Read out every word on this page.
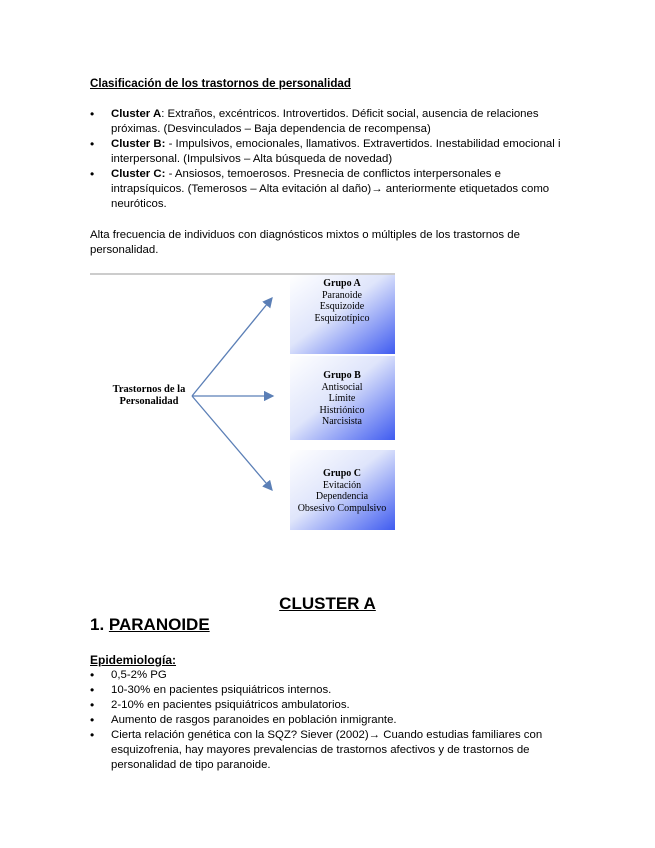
Clasificación de los trastornos de personalidad
• Cluster A: Extraños, excéntricos. Introvertidos. Déficit social, ausencia de relaciones próximas. (Desvinculados – Baja dependencia de recompensa)
• Cluster B: - Impulsivos, emocionales, llamativos. Extravertidos. Inestabilidad emocional i interpersonal. (Impulsivos – Alta búsqueda de novedad)
• Cluster C: - Ansiosos, temoerosos. Presnecia de conflictos interpersonales e intrapsíquicos. (Temerosos – Alta evitación al daño)→ anteriormente etiquetados como neuróticos.
Alta frecuencia de individuos con diagnósticos mixtos o múltiples de los trastornos de personalidad.
Trastornos de la Personalidad
Grupo A
Paranoide
Esquizoide
Esquizotípico
Grupo B
Antisocial
Límite
Histriónico
Narcisista
Grupo C
Evitación
Dependencia
Obsesivo Compulsivo
CLUSTER A
1. PARANOIDE
Epidemiología:
• 0,5-2% PG
• 10-30% en pacientes psiquiátricos internos.
• 2-10% en pacientes psiquiátricos ambulatorios.
• Aumento de rasgos paranoides en población inmigrante.
• Cierta relación genética con la SQZ? Siever (2002)→ Cuando estudias familiares con esquizofrenia, hay mayores prevalencias de trastornos afectivos y de trastornos de personalidad de tipo paranoide.
